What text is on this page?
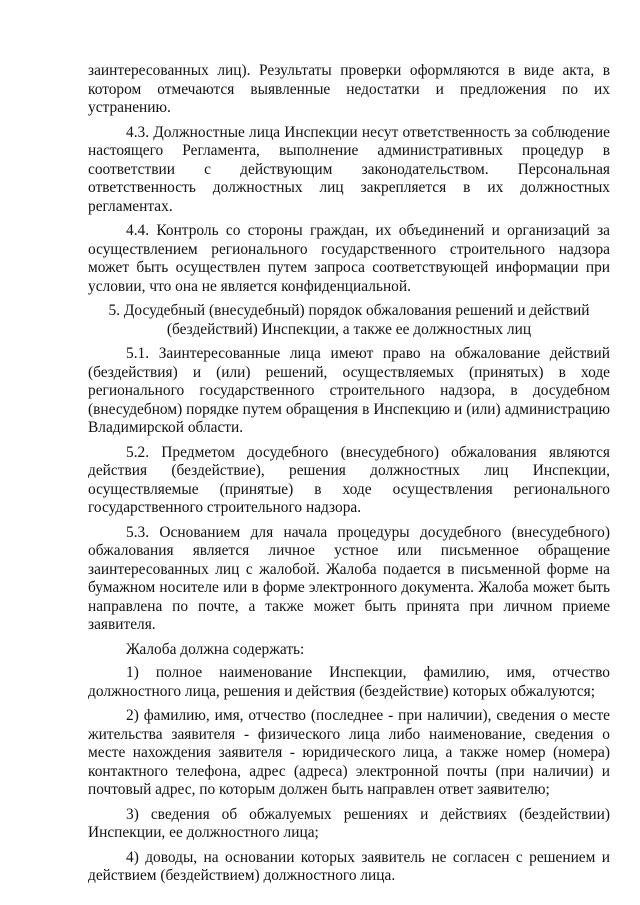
заинтересованных лиц). Результаты проверки оформляются в виде акта, в котором отмечаются выявленные недостатки и предложения по их устранению.

4.3. Должностные лица Инспекции несут ответственность за соблюдение настоящего Регламента, выполнение административных процедур в соответствии с действующим законодательством. Персональная ответственность должностных лиц закрепляется в их должностных регламентах.

4.4. Контроль со стороны граждан, их объединений и организаций за осуществлением регионального государственного строительного надзора может быть осуществлен путем запроса соответствующей информации при условии, что она не является конфиденциальной.

5. Досудебный (внесудебный) порядок обжалования решений и действий (бездействий) Инспекции, а также ее должностных лиц

5.1. Заинтересованные лица имеют право на обжалование действий (бездействия) и (или) решений, осуществляемых (принятых) в ходе регионального государственного строительного надзора, в досудебном (внесудебном) порядке путем обращения в Инспекцию и (или) администрацию Владимирской области.

5.2. Предметом досудебного (внесудебного) обжалования являются действия (бездействие), решения должностных лиц Инспекции, осуществляемые (принятые) в ходе осуществления регионального государственного строительного надзора.

5.3. Основанием для начала процедуры досудебного (внесудебного) обжалования является личное устное или письменное обращение заинтересованных лиц с жалобой. Жалоба подается в письменной форме на бумажном носителе или в форме электронного документа. Жалоба может быть направлена по почте, а также может быть принята при личном приеме заявителя.

Жалоба должна содержать:

1) полное наименование Инспекции, фамилию, имя, отчество должностного лица, решения и действия (бездействие) которых обжалуются;

2) фамилию, имя, отчество (последнее - при наличии), сведения о месте жительства заявителя - физического лица либо наименование, сведения о месте нахождения заявителя - юридического лица, а также номер (номера) контактного телефона, адрес (адреса) электронной почты (при наличии) и почтовый адрес, по которым должен быть направлен ответ заявителю;

3) сведения об обжалуемых решениях и действиях (бездействии) Инспекции, ее должностного лица;

4) доводы, на основании которых заявитель не согласен с решением и действием (бездействием) должностного лица.
